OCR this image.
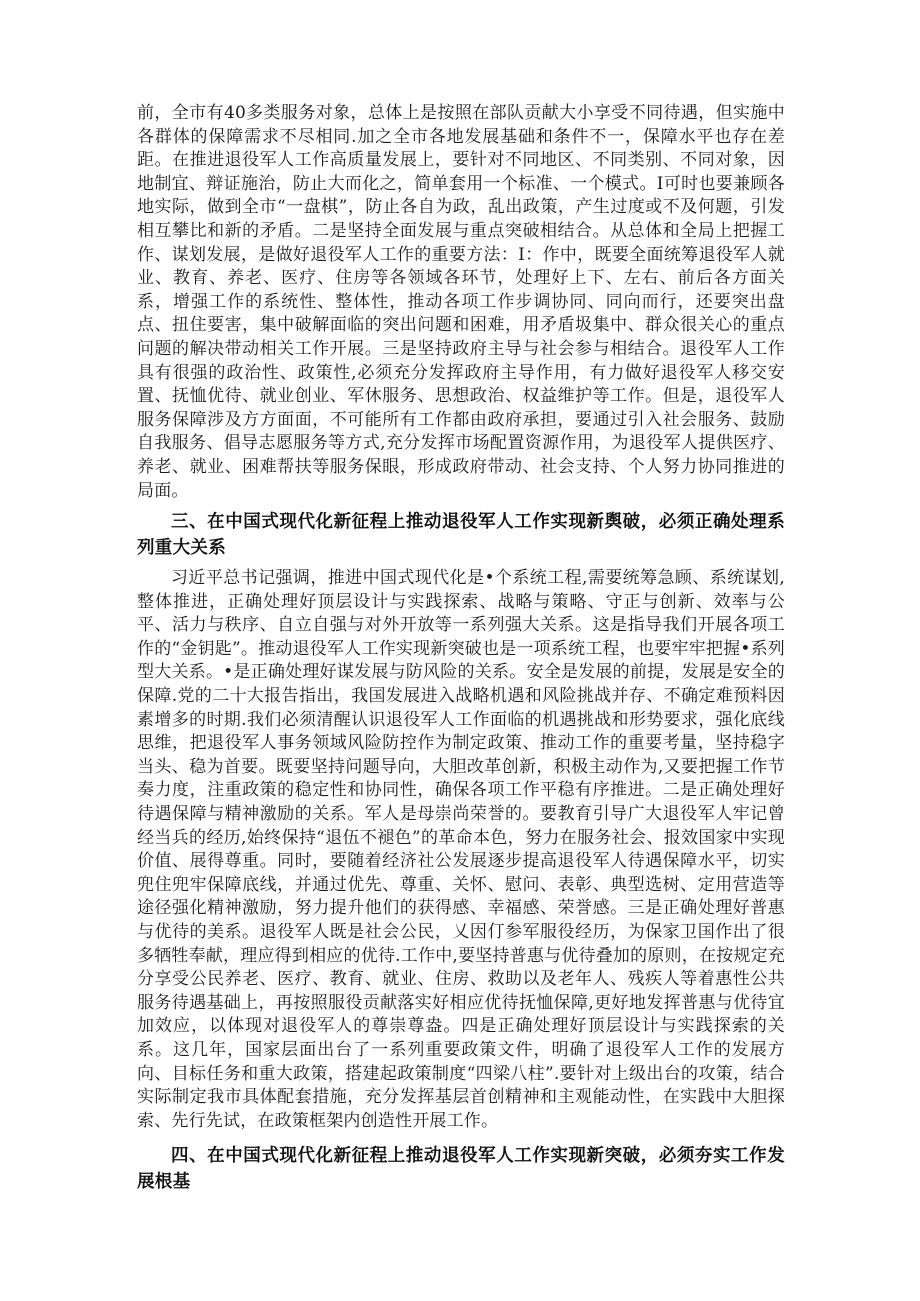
前，全市有40多类服务对象，总体上是按照在部队贡献大小享受不同待遇，但实施中各群体的保障需求不尽相同.加之全市各地发展基础和条件不一，保障水平也存在差距。在推进退役军人工作高质量发展上，要针对不同地区、不同类别、不同对象，因地制宜、辩证施治，防止大而化之，简单套用一个标准、一个模式。I可时也要兼顾各地实际，做到全市“一盘棋”，防止各自为政，乱出政策，产生过度或不及何题，引发相互攀比和新的矛盾。二是坚持全面发展与重点突破相结合。从总体和全局上把握工作、谋划发展，是做好退役军人工作的重要方法：I：作中，既要全面统筹退役军人就业、教育、养老、医疗、住房等各领域各环节，处理好上下、左右、前后各方面关系，增强工作的系统性、整体性，推动各项工作步调协同、同向而行，还要突出盘点、扭住要害，集中破解面临的突出问题和困难，用矛盾圾集中、群众很关心的重点问题的解决带动相关工作开展。三是坚持政府主导与社会参与相结合。退役军人工作具有很强的政治性、政策性,必须充分发挥政府主导作用，有力做好退役军人移交安置、抚恤优待、就业创业、军休服务、思想政治、权益维护等工作。但是，退役军人服务保障涉及方方面面，不可能所有工作都由政府承担，要通过引入社会服务、鼓励自我服务、倡导志愿服务等方式,充分发挥市场配置资源作用，为退役军人提供医疗、养老、就业、困难帮扶等服务保眼，形成政府带动、社会支持、个人努力协同推进的局面。

三、在中国式现代化新征程上推动退役军人工作实现新舆破，必须正确处理系列重大关系

习近平总书记强调，推进中国式现代化是•个系统工程,需要统筹急顾、系统谋划,整体推进，正确处理好顶层设计与实践探索、战略与策略、守正与创新、效率与公平、活力与秩序、自立自强与对外开放等一系列强大关系。这是指导我们开展各项工作的“金钥匙”。推动退役军人工作实现新突破也是一项系统工程，也要牢牢把握•系列型大关系。•是正确处理好谋发展与防风险的关系。安全是发展的前提，发展是安全的保障.党的二十大报告指出，我国发展进入战略机遇和风险挑战并存、不确定难预料因素增多的时期.我们必须清醒认识退役军人工作面临的机遇挑战和形势要求，强化底线思维，把退役军人事务领域风险防控作为制定政策、推动工作的重要考量，坚持稳字当头、稳为首要。既要坚持问题导向，大胆改革创新，积极主动作为,又要把握工作节奏力度，注重政策的稳定性和协同性，确保各项工作平稳有序推进。二是正确处理好待遇保障与精神激励的关系。军人是母崇尚荣誉的。要教育引导广大退役军人牢记曾经当兵的经历,始终保持“退伍不褪色”的革命本色，努力在服务社会、报效国家中实现价值、展得尊重。同时，要随着经济社公发展逐步提高退役军人待遇保障水平，切实兜住兜牢保障底线，并通过优先、尊重、关怀、慰问、表彰、典型选树、定用营造等途径强化精神激励，努力提升他们的获得感、幸福感、荣誉感。三是正确处理好普惠与优待的美系。退役军人既是社会公民，乂因仃参军服役经历，为保家卫国作出了很多牺牲奉献，理应得到相应的优待.工作中,要坚持普惠与优待叠加的原则，在按规定充分享受公民养老、医疗、教育、就业、住房、救助以及老年人、残疾人等着惠性公共服务待遇基础上，再按照服役贡献落实好相应优待抚恤保障,更好地发挥普惠与优待宜加效应，以体现对退役军人的尊崇尊盎。四是正确处理好顶层设计与实践探索的关系。这几年，国家层面出台了一系列重要政策文件，明确了退役军人工作的发展方向、目标任务和重大政策，搭建起政策制度“四梁八柱”.要针对上级出台的攻策，结合实际制定我市具体配套措施，充分发挥基层首创精神和主观能动性，在实践中大胆探索、先行先试，在政策框架内创造性开展工作。

四、在中国式现代化新征程上推动退役军人工作实现新突破，必须夯实工作发展根基
